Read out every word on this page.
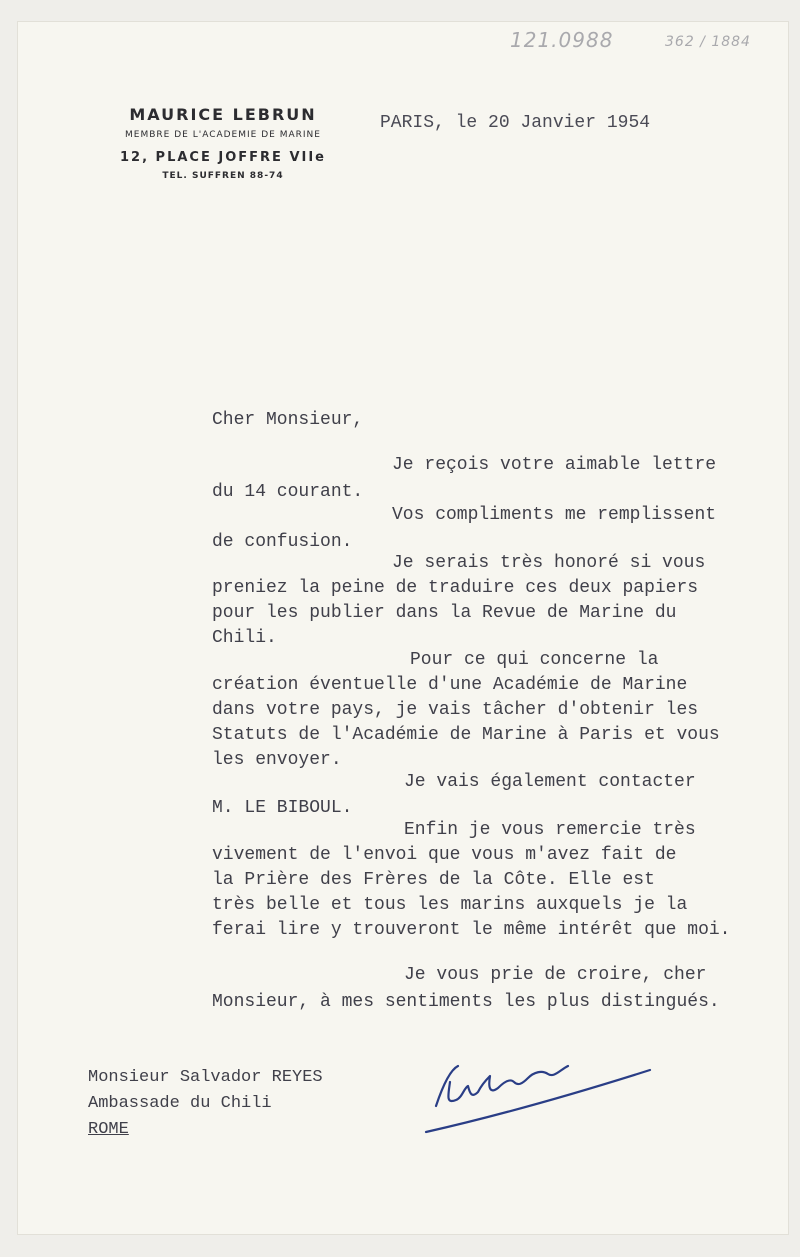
121.0988	362 / 1884
MAURICE LEBRUN
MEMBRE DE L'ACADEMIE DE MARINE
12, PLACE JOFFRE VIIe
TEL. SUFFREN 88-74
PARIS, le 20 Janvier 1954
Cher Monsieur,
Je reçois votre aimable lettre
du 14 courant.
Vos compliments me remplissent
de confusion.
Je serais très honoré si vous
preniez la peine de traduire ces deux papiers
pour les publier dans la Revue de Marine du
Chili.
Pour ce qui concerne la
création éventuelle d'une Académie de Marine
dans votre pays, je vais tâcher d'obtenir les
Statuts de l'Académie de Marine à Paris et vous
les envoyer.
Je vais également contacter
M. LE BIBOUL.
Enfin je vous remercie très
vivement de l'envoi que vous m'avez fait de
la Prière des Frères de la Côte. Elle est
très belle et tous les marins auxquels je la
ferai lire y trouveront le même intérêt que moi.
Je vous prie de croire, cher
Monsieur, à mes sentiments les plus distingués.
Monsieur Salvador REYES
Ambassade du Chili
ROME
